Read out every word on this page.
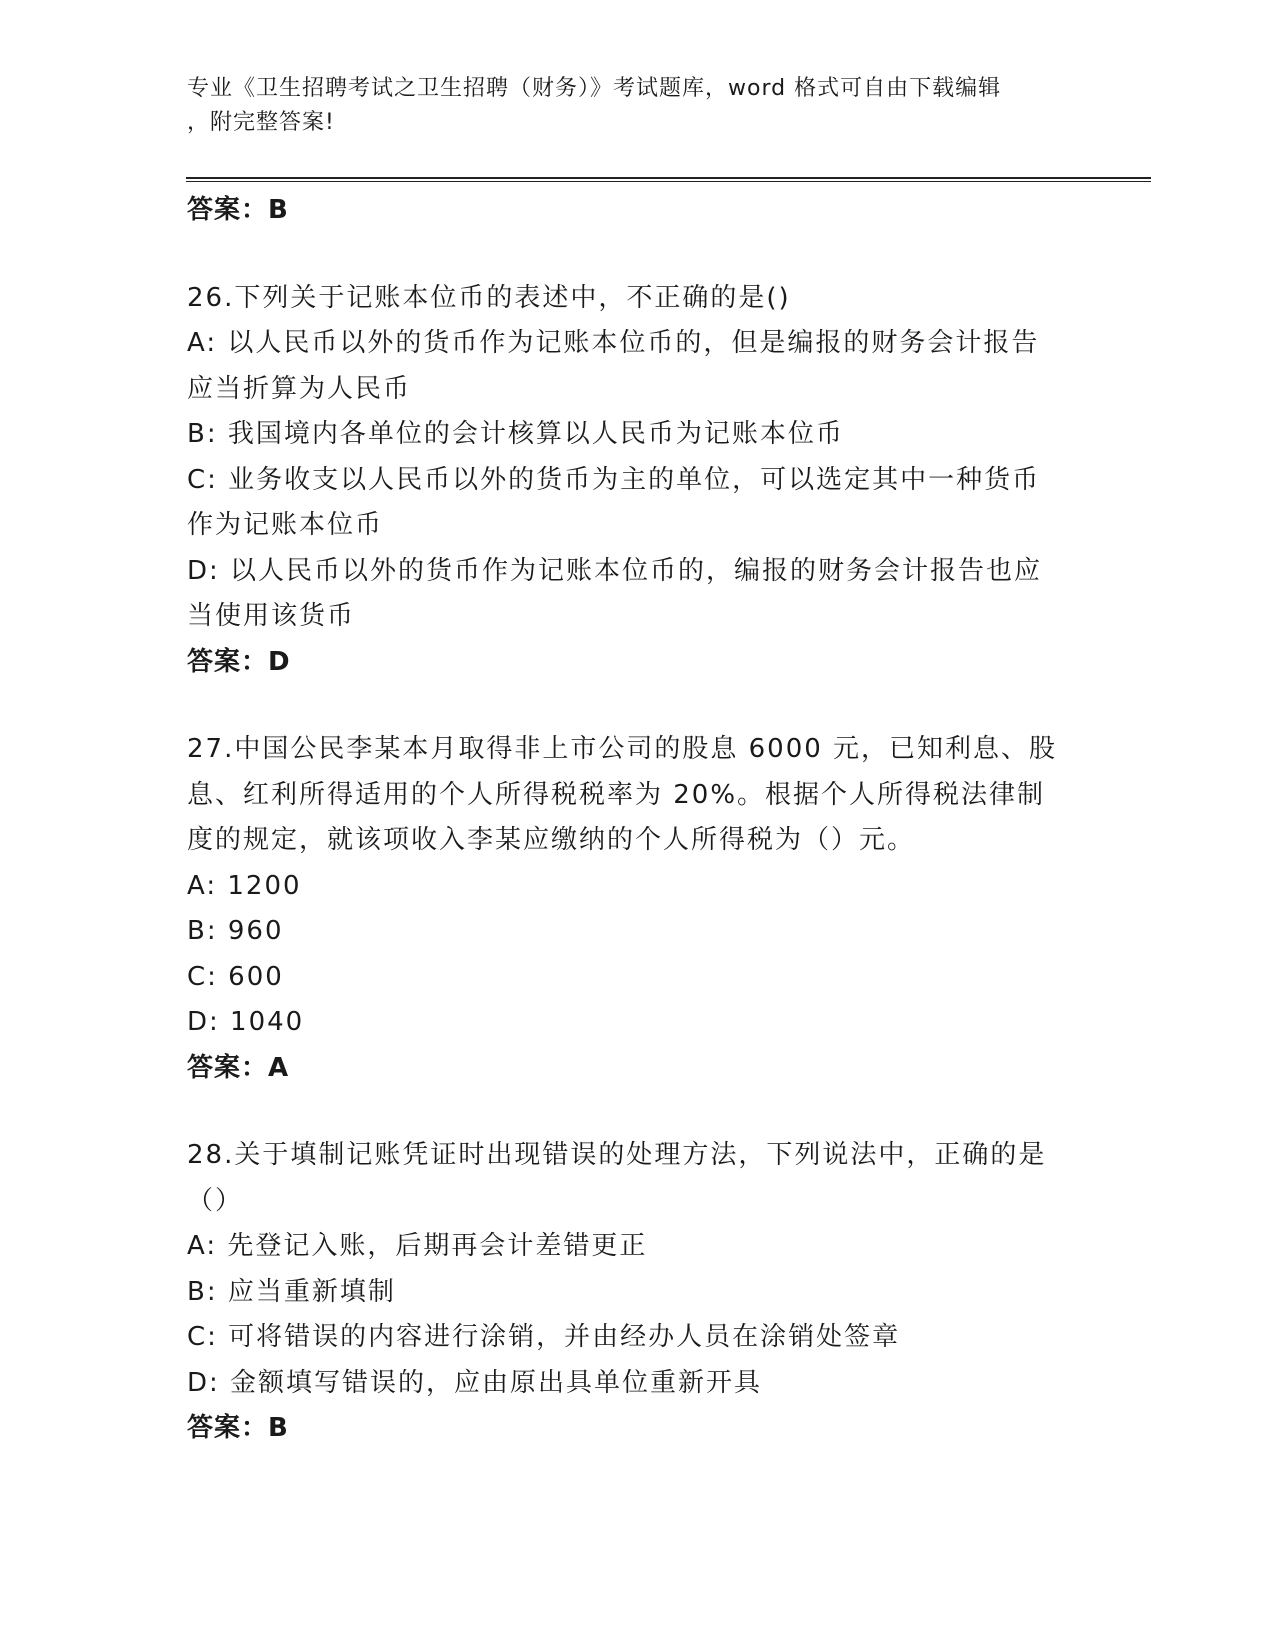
专业《卫生招聘考试之卫生招聘（财务）》考试题库，word 格式可自由下载编辑

，附完整答案!

答案：B

26.下列关于记账本位币的表述中，不正确的是()

A: 以人民币以外的货币作为记账本位币的，但是编报的财务会计报告

应当折算为人民币

B: 我国境内各单位的会计核算以人民币为记账本位币

C: 业务收支以人民币以外的货币为主的单位，可以选定其中一种货币

作为记账本位币

D: 以人民币以外的货币作为记账本位币的，编报的财务会计报告也应

当使用该货币

答案：D

27.中国公民李某本月取得非上市公司的股息 6000 元，已知利息、股

息、红利所得适用的个人所得税税率为 20%。根据个人所得税法律制

度的规定，就该项收入李某应缴纳的个人所得税为（）元。

A: 1200

B: 960

C: 600

D: 1040

答案：A

28.关于填制记账凭证时出现错误的处理方法，下列说法中，正确的是

（）

A: 先登记入账，后期再会计差错更正

B: 应当重新填制

C: 可将错误的内容进行涂销，并由经办人员在涂销处签章

D: 金额填写错误的，应由原出具单位重新开具

答案：B
